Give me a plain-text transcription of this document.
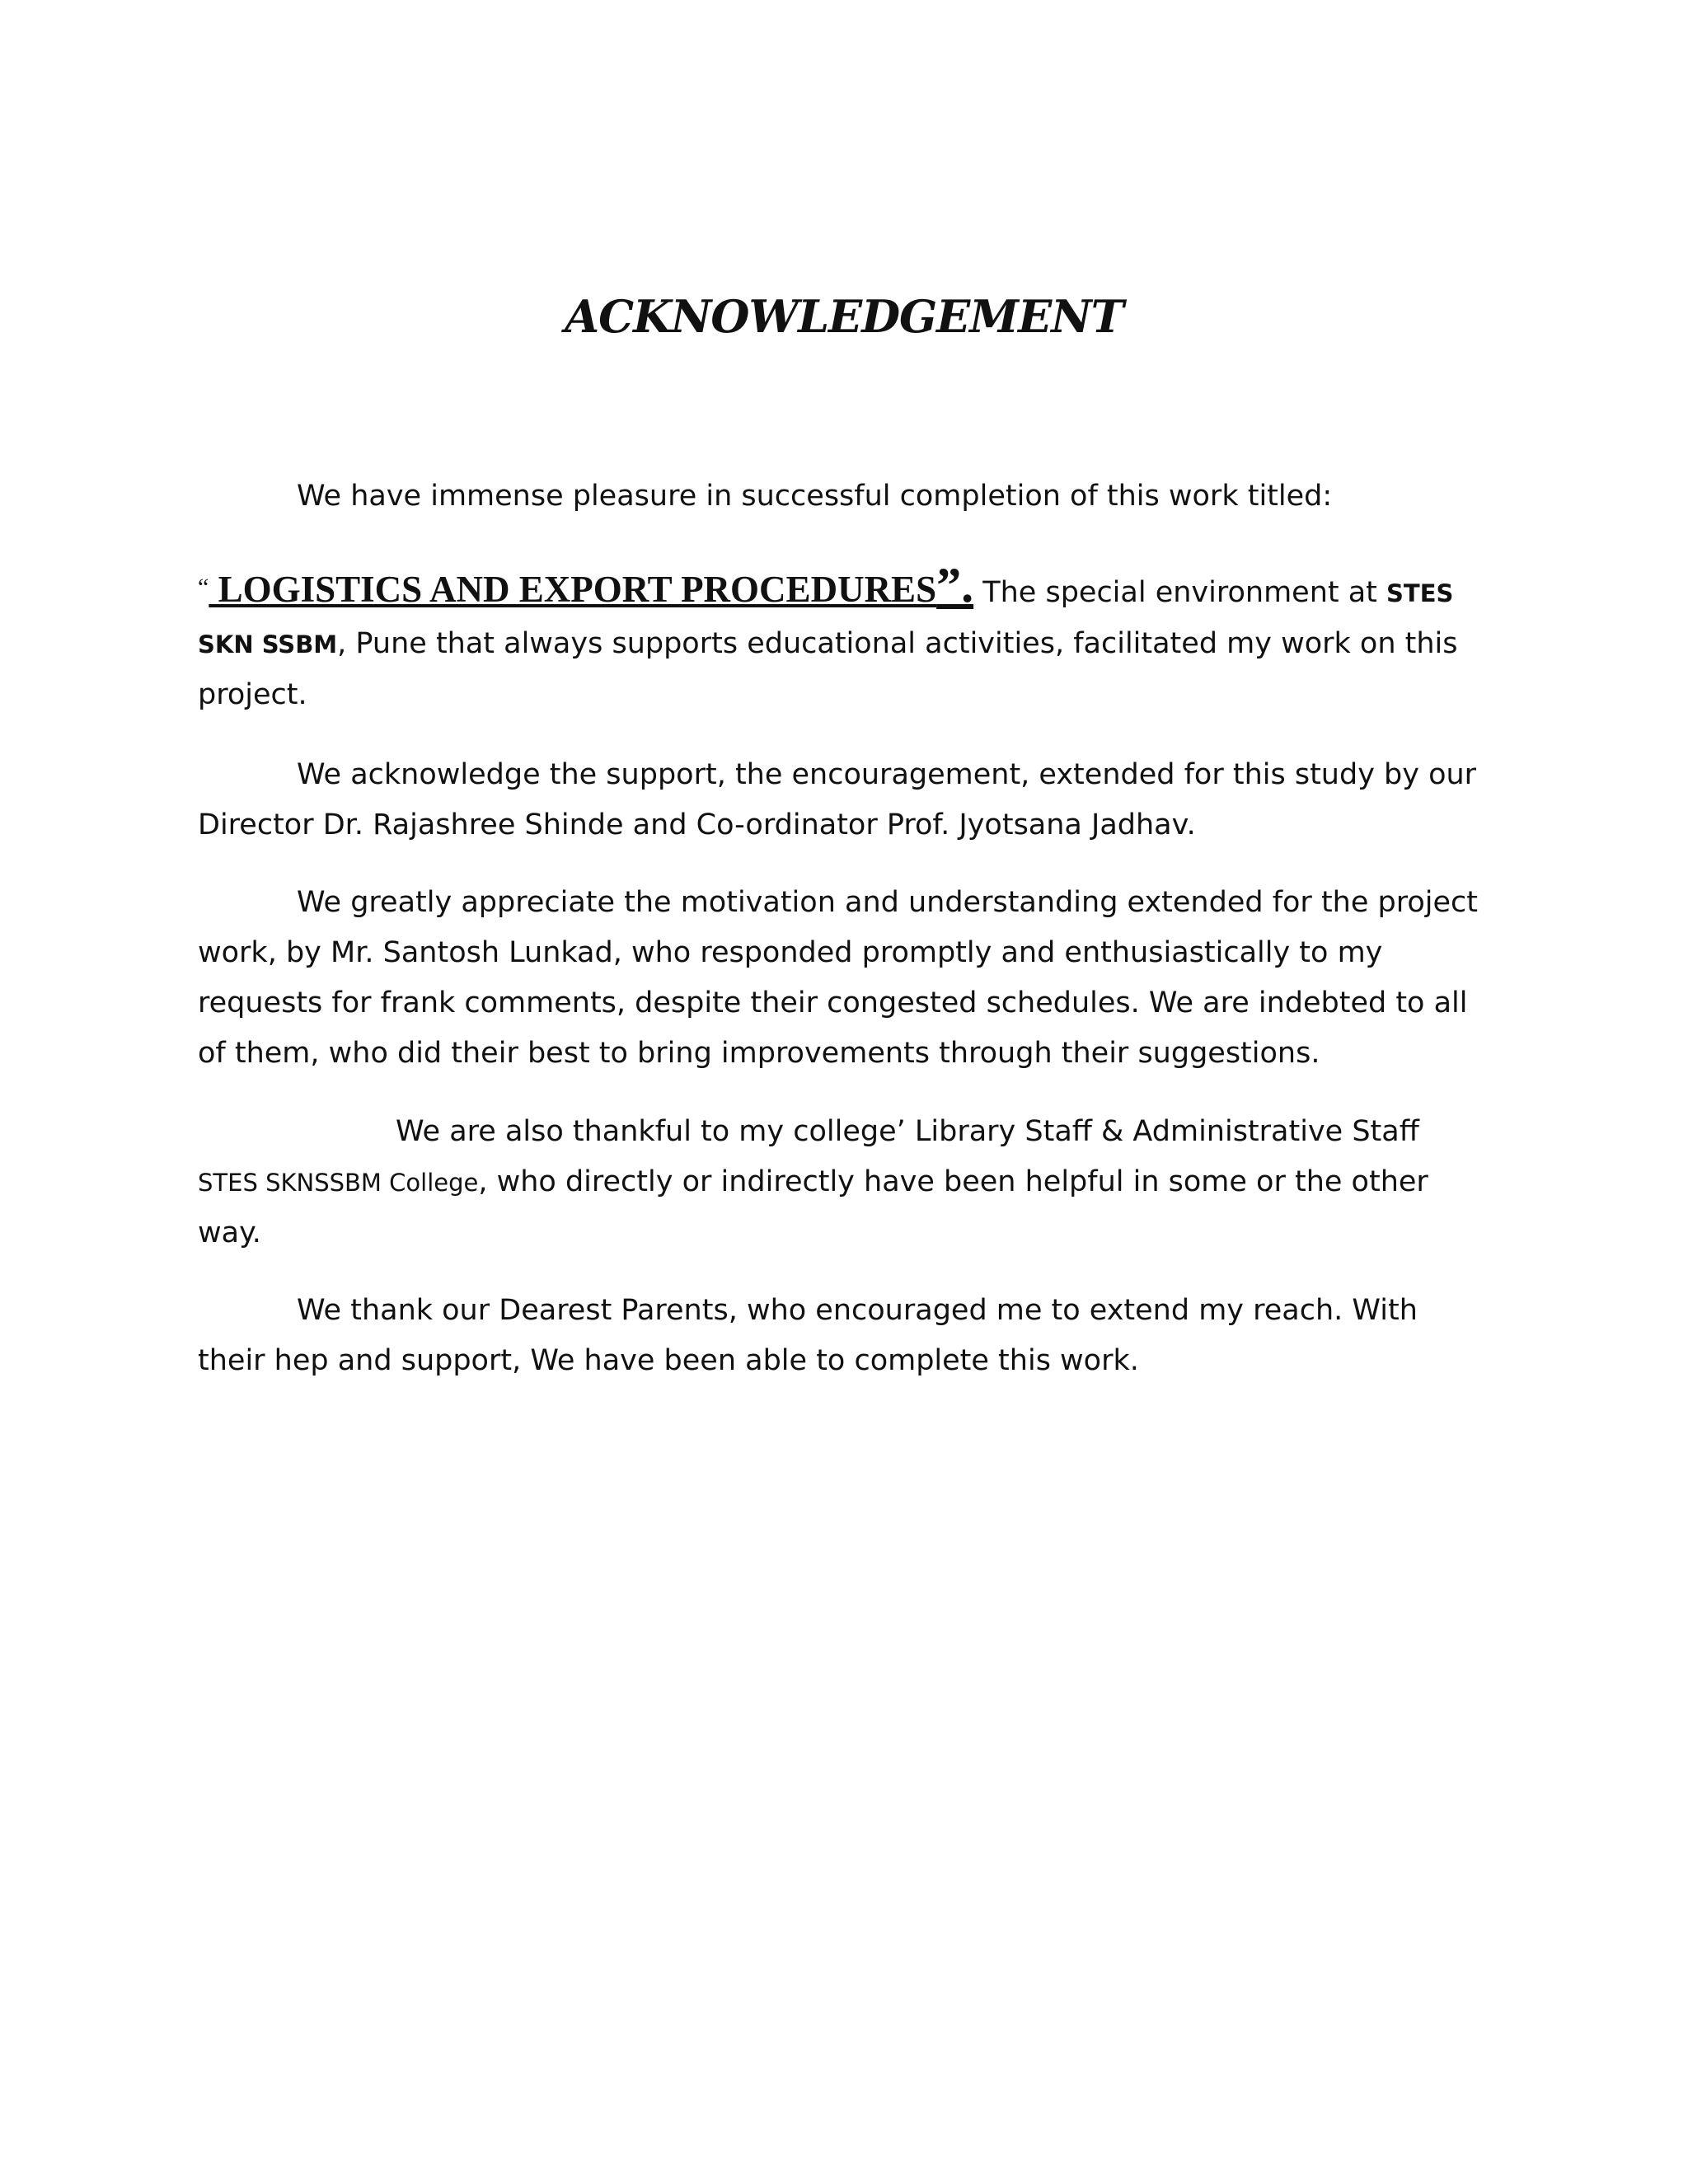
ACKNOWLEDGEMENT

We have immense pleasure in successful completion of this work titled:

“ LOGISTICS AND EXPORT PROCEDURES”. The special environment at STES
SKN SSBM, Pune that always supports educational activities, facilitated my work on this project.

We acknowledge the support, the encouragement, extended for this study by our Director Dr. Rajashree Shinde and Co-ordinator Prof. Jyotsana Jadhav.

We greatly appreciate the motivation and understanding extended for the project work, by Mr. Santosh Lunkad, who responded promptly and enthusiastically to my requests for frank comments, despite their congested schedules. We are indebted to all of them, who did their best to bring improvements through their suggestions.

We are also thankful to my college’ Library Staff & Administrative Staff
STES SKNSSBM College, who directly or indirectly have been helpful in some or the other way.

We thank our Dearest Parents, who encouraged me to extend my reach. With their hep and support, We have been able to complete this work.
